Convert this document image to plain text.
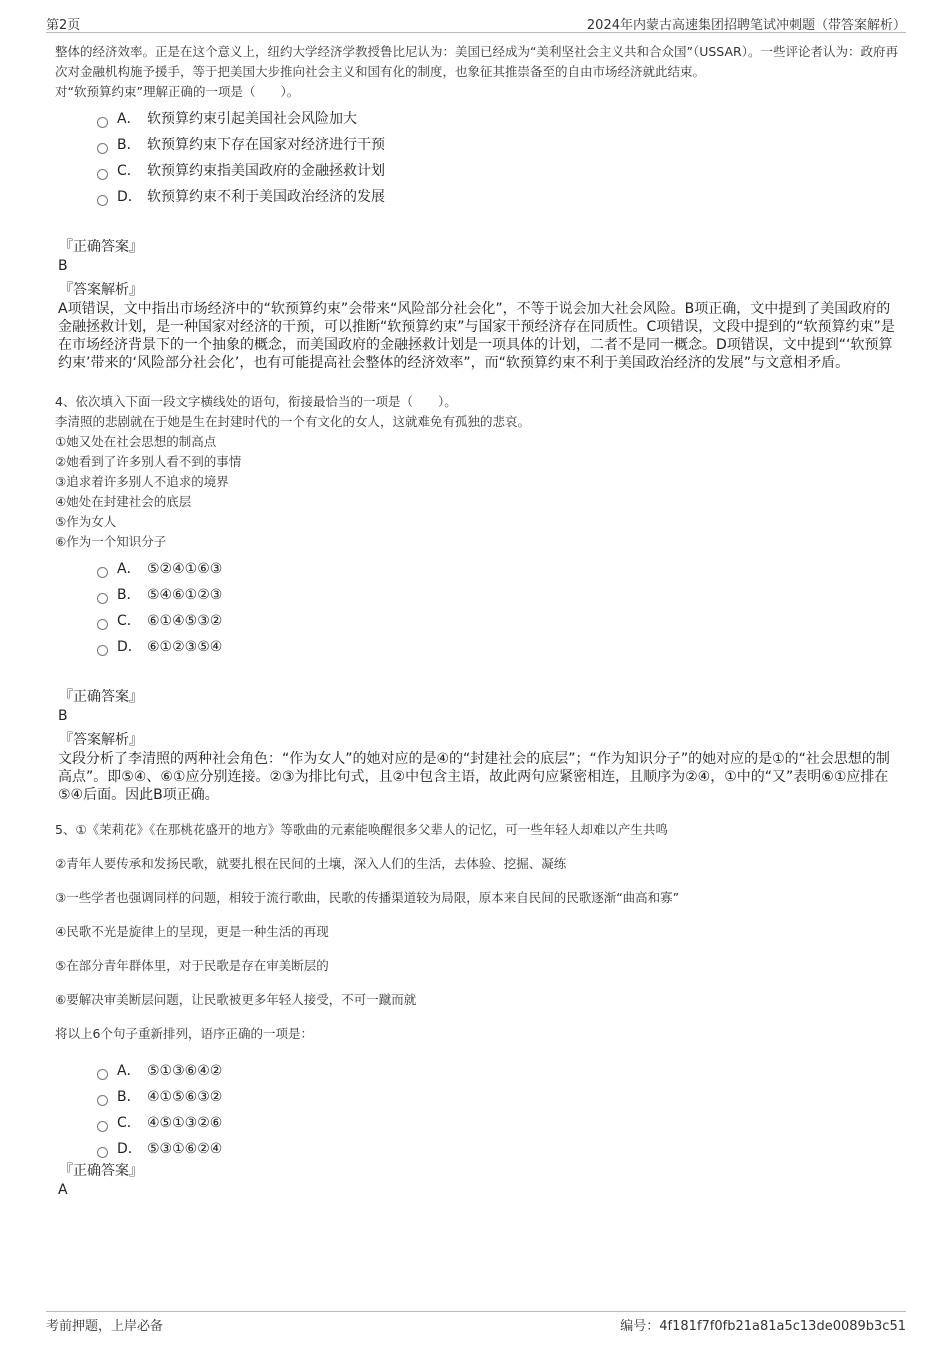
第2页	2024年内蒙古高速集团招聘笔试冲刺题（带答案解析）
整体的经济效率。正是在这个意义上，纽约大学经济学教授鲁比尼认为：美国已经成为“美利坚社会主义共和合众国”（USSAR）。一些评论者认为：政府再次对金融机构施予援手，等于把美国大步推向社会主义和国有化的制度，也象征其推崇备至的自由市场经济就此结束。
对“软预算约束”理解正确的一项是（　　）。
A． 软预算约束引起美国社会风险加大
B． 软预算约束下存在国家对经济进行干预
C． 软预算约束指美国政府的金融拯救计划
D． 软预算约束不利于美国政治经济的发展
『正确答案』
B
『答案解析』
A项错误，文中指出市场经济中的“软预算约束”会带来“风险部分社会化”，不等于说会加大社会风险。B项正确，文中提到了美国政府的金融拯救计划，是一种国家对经济的干预，可以推断“软预算约束”与国家干预经济存在同质性。C项错误，文段中提到的“软预算约束”是在市场经济背景下的一个抽象的概念，而美国政府的金融拯救计划是一项具体的计划，二者不是同一概念。D项错误，文中提到“‘软预算约束’带来的‘风险部分社会化’，也有可能提高社会整体的经济效率”，而“软预算约束不利于美国政治经济的发展”与文意相矛盾。
4、依次填入下面一段文字横线处的语句，衔接最恰当的一项是（　　）。
李清照的悲剧就在于她是生在封建时代的一个有文化的女人，这就难免有孤独的悲哀。
①她又处在社会思想的制高点
②她看到了许多别人看不到的事情
③追求着许多别人不追求的境界
④她处在封建社会的底层
⑤作为女人
⑥作为一个知识分子
A． ⑤②④①⑥③
B． ⑤④⑥①②③
C． ⑥①④⑤③②
D． ⑥①②③⑤④
『正确答案』
B
『答案解析』
文段分析了李清照的两种社会角色：“作为女人”的她对应的是④的“封建社会的底层”；“作为知识分子”的她对应的是①的“社会思想的制高点”。即⑤④、⑥①应分别连接。②③为排比句式，且②中包含主语，故此两句应紧密相连，且顺序为②④，①中的“又”表明⑥①应排在⑤④后面。因此B项正确。
5、①《茉莉花》《在那桃花盛开的地方》等歌曲的元素能唤醒很多父辈人的记忆，可一些年轻人却难以产生共鸣
②青年人要传承和发扬民歌，就要扎根在民间的土壤，深入人们的生活，去体验、挖掘、凝练
③一些学者也强调同样的问题，相较于流行歌曲，民歌的传播渠道较为局限，原本来自民间的民歌逐渐“曲高和寡”
④民歌不光是旋律上的呈现，更是一种生活的再现
⑤在部分青年群体里，对于民歌是存在审美断层的
⑥要解决审美断层问题，让民歌被更多年轻人接受，不可一蹴而就
将以上6个句子重新排列，语序正确的一项是：
A． ⑤①③⑥④②
B． ④①⑤⑥③②
C． ④⑤①③②⑥
D． ⑤③①⑥②④
『正确答案』
A
考前押题，上岸必备	编号：4f181f7f0fb21a81a5c13de0089b3c51
